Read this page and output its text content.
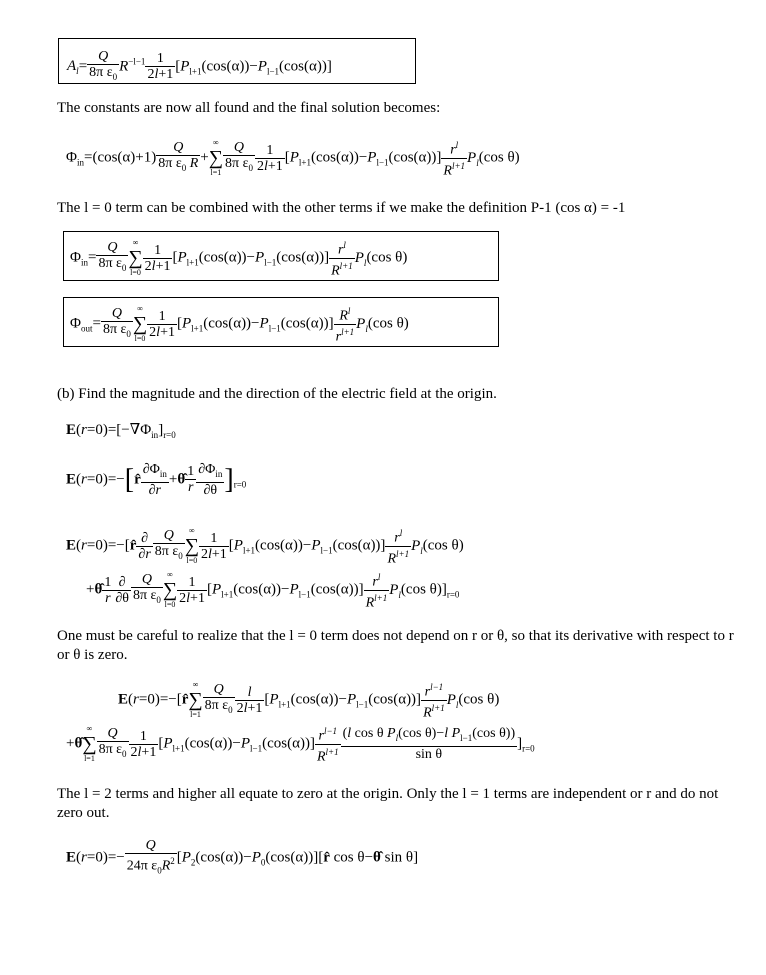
$A_l= \frac{Q}{8\pi \varepsilon_0} R^{-l-1} \frac{1}{2l+1} [P_{l+1}(\cos(\alpha))-P_{l-1}(\cos(\alpha))]$
The constants are now all found and the final solution becomes:
$\Phi_{in}=(\cos(\alpha)+1) \frac{Q}{8\pi \varepsilon_0 R}$ +
∞
∑
$l=1 \frac{Q}{8\pi \varepsilon_0} \frac{1}{2l+1} [P_{l+1}(\cos(\alpha))-P_{l-1}(\cos(\alpha))] \frac{r^l}{R^{l+1}} P_l(\cos$ θ)
The l = 0 term can be combined with the other terms if we make the definition P-1 (cos α) = -1
$\Phi_{in}= \frac{Q}{8\pi \varepsilon_0}$ ∞
∑
$l=0 \frac{1}{2l+1} [P_{l+1}(\cos(\alpha))-P_{l-1}(\cos(\alpha))] \frac{r^l}{R^{l+1}} P_l(\cos$ θ)
$\Phi_{out}= \frac{Q}{8\pi \varepsilon_0}$ ∞
∑
$l=0 \frac{1}{2l+1} [P_{l+1}(\cos(\alpha))-P_{l-1}(\cos(\alpha))] \frac{R^l}{r^{l+1}} P_l(\cos$ θ)
(b) Find the magnitude and the direction of the electric field at the origin.
$E(r=0)=[-\nabla\Phi_{in}]_{r=0}$
E(r=0)=−[r̂ $\frac{\partial\Phi_{in}}{\partial r}$ +θ̂ $\frac{1}{r} \frac{\partial\Phi_{in}}{\partial\theta} ]_{r=0}$
E(r=0)=−[r̂ $\frac{\partial}{\partial r} \frac{Q}{8\pi \varepsilon_0}$ ∞
∑
$l=0 \frac{1}{2l+1} [P_{l+1}(\cos(\alpha))-P_{l-1}(\cos(\alpha))] \frac{r^l}{R^{l+1}} P_l(\cos$ θ)
+θ̂ $\frac{1}{r} \frac{\partial}{\partial\theta} \frac{Q}{8\pi \varepsilon_0}$ ∞
∑
$l=0 \frac{1}{2l+1} [P_{l+1}(\cos(\alpha))-P_{l-1}(\cos(\alpha))] \frac{r^l}{R^{l+1}} P_l(\cos$ $\theta)]_{r=0}$
One must be careful to realize that the l = 0 term does not depend on r or θ, so that its derivative with respect to r or θ is zero.
E(r=0)=−[r̂
∞
∑
$l=1 \frac{Q}{8\pi \varepsilon_0} \frac{l}{2l+1} [P_{l+1}(\cos(\alpha))-P_{l-1}(\cos(\alpha))] \frac{r^{l-1}}{R^{l+1}} P_l(\cos$ θ)
+θ̂
∞
∑
$l=1 \frac{Q}{8\pi \varepsilon_0} \frac{1}{2l+1} [P_{l+1}(\cos(\alpha))-P_{l-1}(\cos(\alpha))] \frac{r^{l-1}}{R^{l+1}} \frac{(l \cos \theta P_l(\cos \theta)-l P_{l-1}(\cos \theta))}{\text{sin θ}} ]_{r=0}$
The l = 2 terms and higher all equate to zero at the origin. Only the l = 1 terms are independent or r and do not zero out.
$E(r=0)=- \frac{Q}{24\pi \varepsilon_0R^2}$ $[P_2(\cos(\alpha))-P_0(\cos(\alpha))][r̂$ cos θ−θ̂ sin θ]
